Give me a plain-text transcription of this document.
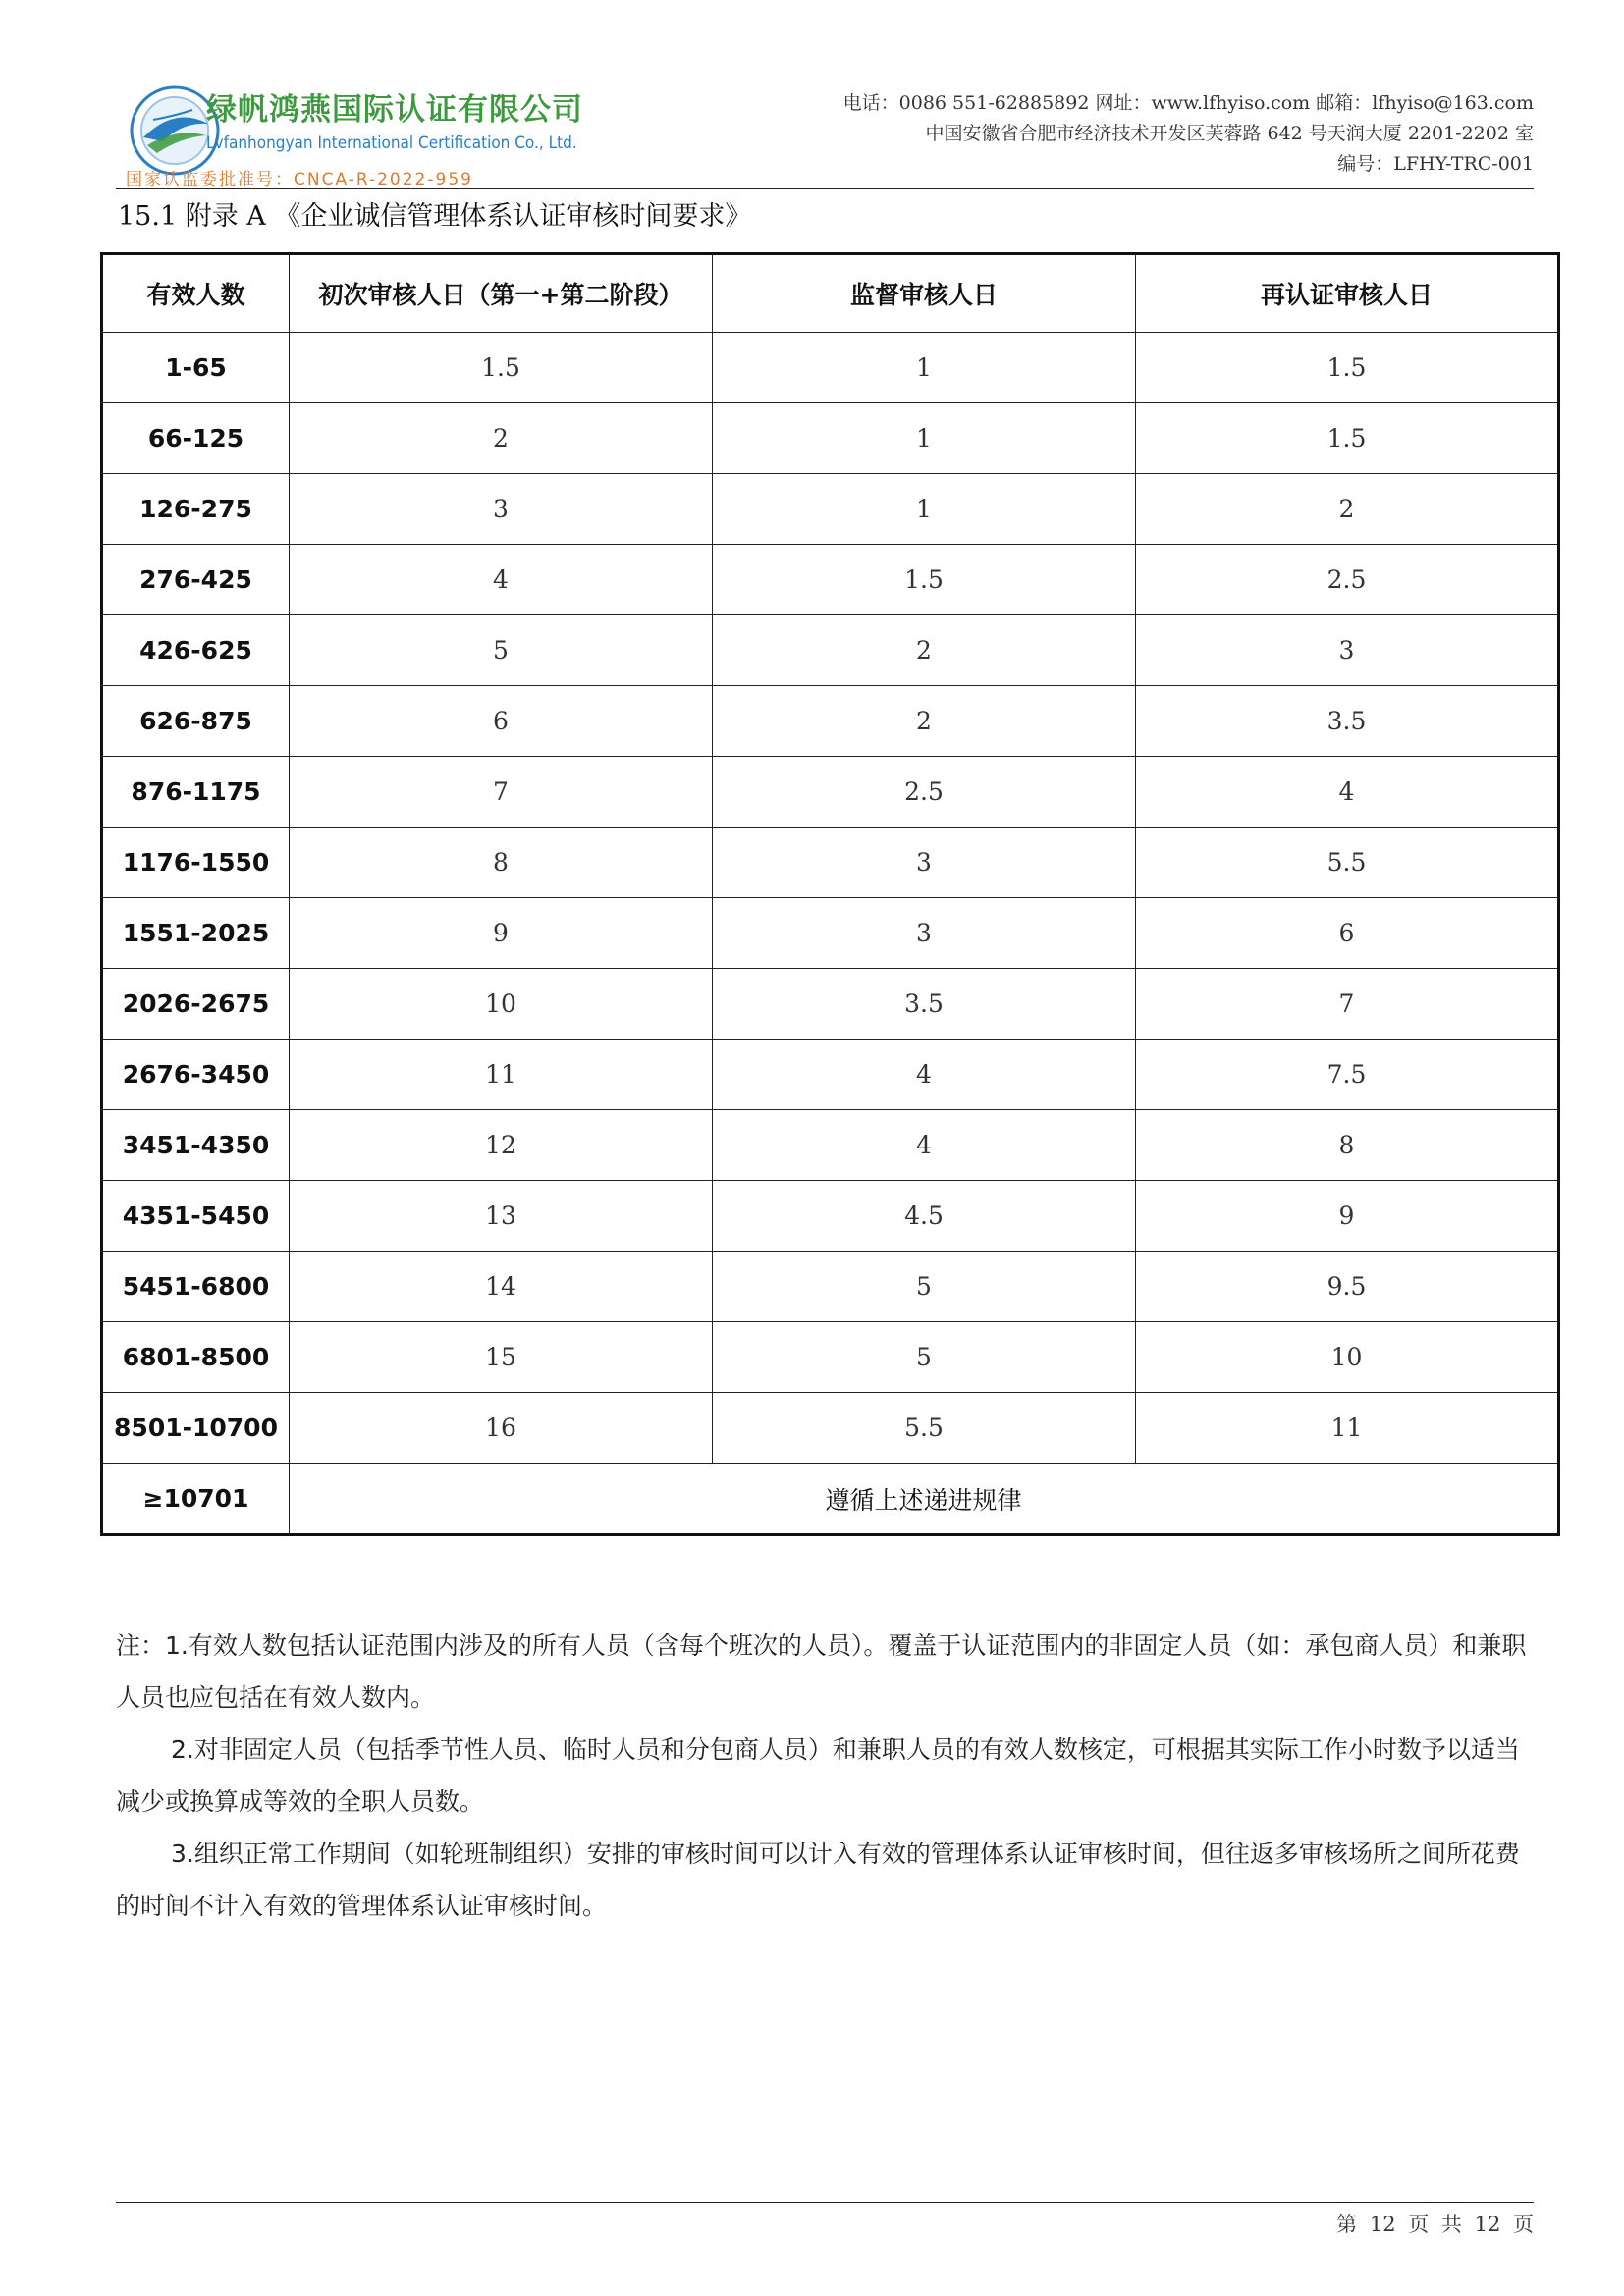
绿帆鸿燕国际认证有限公司
Lvfanhongyan International Certification Co., Ltd.
国家认监委批准号：CNCA-R-2022-959
电话：0086 551-62885892 网址：www.lfhyiso.com 邮箱：lfhyiso@163.com
中国安徽省合肥市经济技术开发区芙蓉路 642 号天润大厦 2201-2202 室
编号：LFHY-TRC-001
15.1 附录 A 《企业诚信管理体系认证审核时间要求》
有效人数	初次审核人日（第一+第二阶段）	监督审核人日	再认证审核人日
1-65	1.5	1	1.5
66-125	2	1	1.5
126-275	3	1	2
276-425	4	1.5	2.5
426-625	5	2	3
626-875	6	2	3.5
876-1175	7	2.5	4
1176-1550	8	3	5.5
1551-2025	9	3	6
2026-2675	10	3.5	7
2676-3450	11	4	7.5
3451-4350	12	4	8
4351-5450	13	4.5	9
5451-6800	14	5	9.5
6801-8500	15	5	10
8501-10700	16	5.5	11
≥10701	遵循上述递进规律		

注：1.有效人数包括认证范围内涉及的所有人员（含每个班次的人员）。覆盖于认证范围内的非固定人员（如：承包商人员）和兼职人员也应包括在有效人数内。

2.对非固定人员（包括季节性人员、临时人员和分包商人员）和兼职人员的有效人数核定，可根据其实际工作小时数予以适当减少或换算成等效的全职人员数。

3.组织正常工作期间（如轮班制组织）安排的审核时间可以计入有效的管理体系认证审核时间，但往返多审核场所之间所花费的时间不计入有效的管理体系认证审核时间。

第 12 页 共 12 页
